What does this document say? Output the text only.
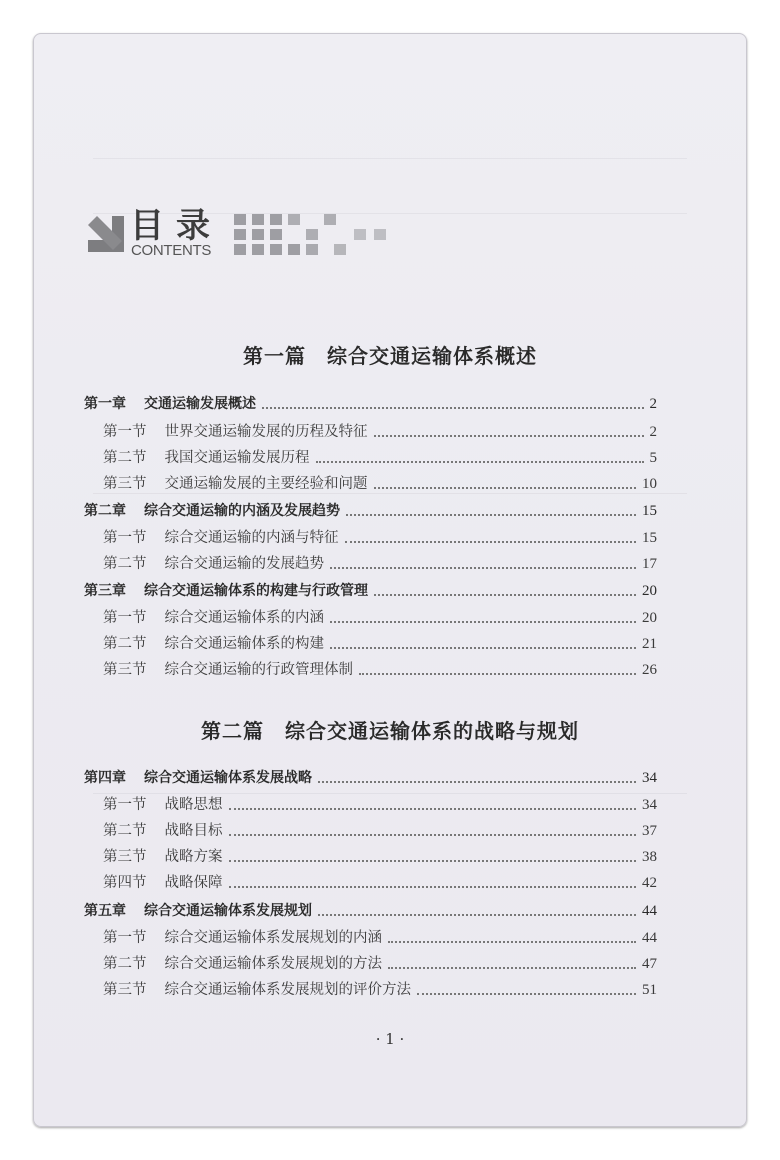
目录
CONTENTS
第一篇　综合交通运输体系概述
第一章 交通运输发展概述	2
第一节 世界交通运输发展的历程及特征	2
第二节 我国交通运输发展历程	5
第三节 交通运输发展的主要经验和问题	10
第二章 综合交通运输的内涵及发展趋势	15
第一节 综合交通运输的内涵与特征	15
第二节 综合交通运输的发展趋势	17
第三章 综合交通运输体系的构建与行政管理	20
第一节 综合交通运输体系的内涵	20
第二节 综合交通运输体系的构建	21
第三节 综合交通运输的行政管理体制	26
第二篇　综合交通运输体系的战略与规划
第四章 综合交通运输体系发展战略	34
第一节 战略思想	34
第二节 战略目标	37
第三节 战略方案	38
第四节 战略保障	42
第五章 综合交通运输体系发展规划	44
第一节 综合交通运输体系发展规划的内涵	44
第二节 综合交通运输体系发展规划的方法	47
第三节 综合交通运输体系发展规划的评价方法	51
· 1 ·
